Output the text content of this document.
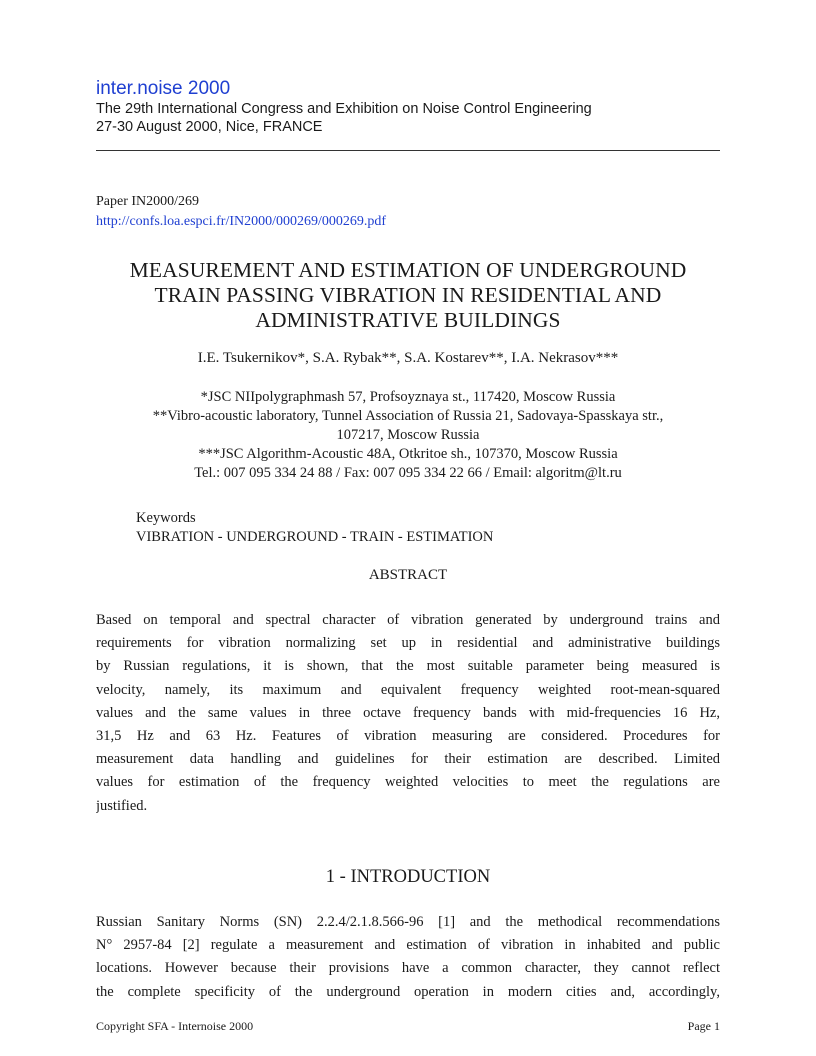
inter.noise 2000
The 29th International Congress and Exhibition on Noise Control Engineering
27-30 August 2000, Nice, FRANCE
Paper IN2000/269
http://confs.loa.espci.fr/IN2000/000269/000269.pdf
MEASUREMENT AND ESTIMATION OF UNDERGROUND
TRAIN PASSING VIBRATION IN RESIDENTIAL AND
ADMINISTRATIVE BUILDINGS
I.E. Tsukernikov*, S.A. Rybak**, S.A. Kostarev**, I.A. Nekrasov***
*JSC NIIpolygraphmash 57, Profsoyznaya st., 117420, Moscow Russia
**Vibro-acoustic laboratory, Tunnel Association of Russia 21, Sadovaya-Spasskaya str.,
107217, Moscow Russia
***JSC Algorithm-Acoustic 48A, Otkritoe sh., 107370, Moscow Russia
Tel.: 007 095 334 24 88 / Fax: 007 095 334 22 66 / Email: algoritm@lt.ru
Keywords
VIBRATION - UNDERGROUND - TRAIN - ESTIMATION
ABSTRACT
Based on temporal and spectral character of vibration generated by underground trains and
requirements for vibration normalizing set up in residential and administrative buildings
by Russian regulations, it is shown, that the most suitable parameter being measured is
velocity, namely, its maximum and equivalent frequency weighted root-mean-squared
values and the same values in three octave frequency bands with mid-frequencies 16 Hz,
31,5 Hz and 63 Hz. Features of vibration measuring are considered. Procedures for
measurement data handling and guidelines for their estimation are described. Limited
values for estimation of the frequency weighted velocities to meet the regulations are
justified.
1 - INTRODUCTION
Russian Sanitary Norms (SN) 2.2.4/2.1.8.566-96 [1] and the methodical recommendations
N° 2957-84 [2] regulate a measurement and estimation of vibration in inhabited and public
locations. However because their provisions have a common character, they cannot reflect
the complete specificity of the underground operation in modern cities and, accordingly,
Copyright SFA - Internoise 2000	Page 1
